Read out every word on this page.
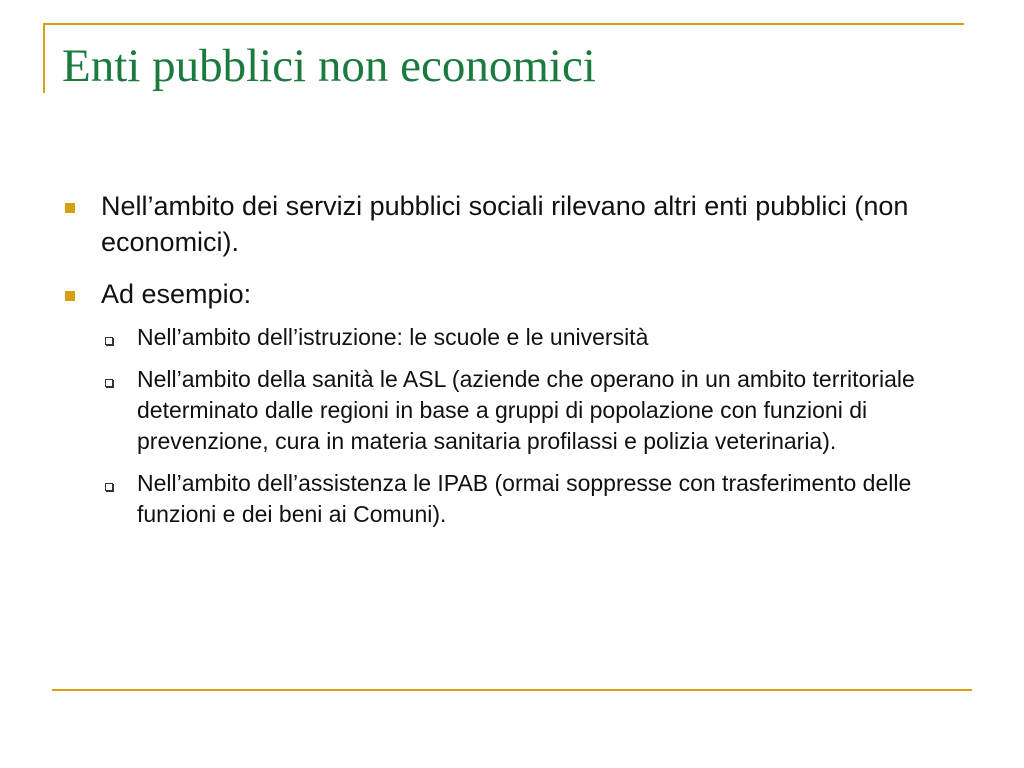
Enti pubblici non economici
Nell’ambito dei servizi pubblici sociali rilevano altri enti pubblici (non economici).
Ad esempio:
Nell’ambito dell’istruzione: le scuole e le università
Nell’ambito della sanità le ASL (aziende che operano in un ambito territoriale determinato dalle regioni in base a gruppi di popolazione con funzioni di prevenzione, cura in materia sanitaria profilassi e polizia veterinaria).
Nell’ambito dell’assistenza le IPAB (ormai soppresse con trasferimento delle funzioni e dei beni ai Comuni).
